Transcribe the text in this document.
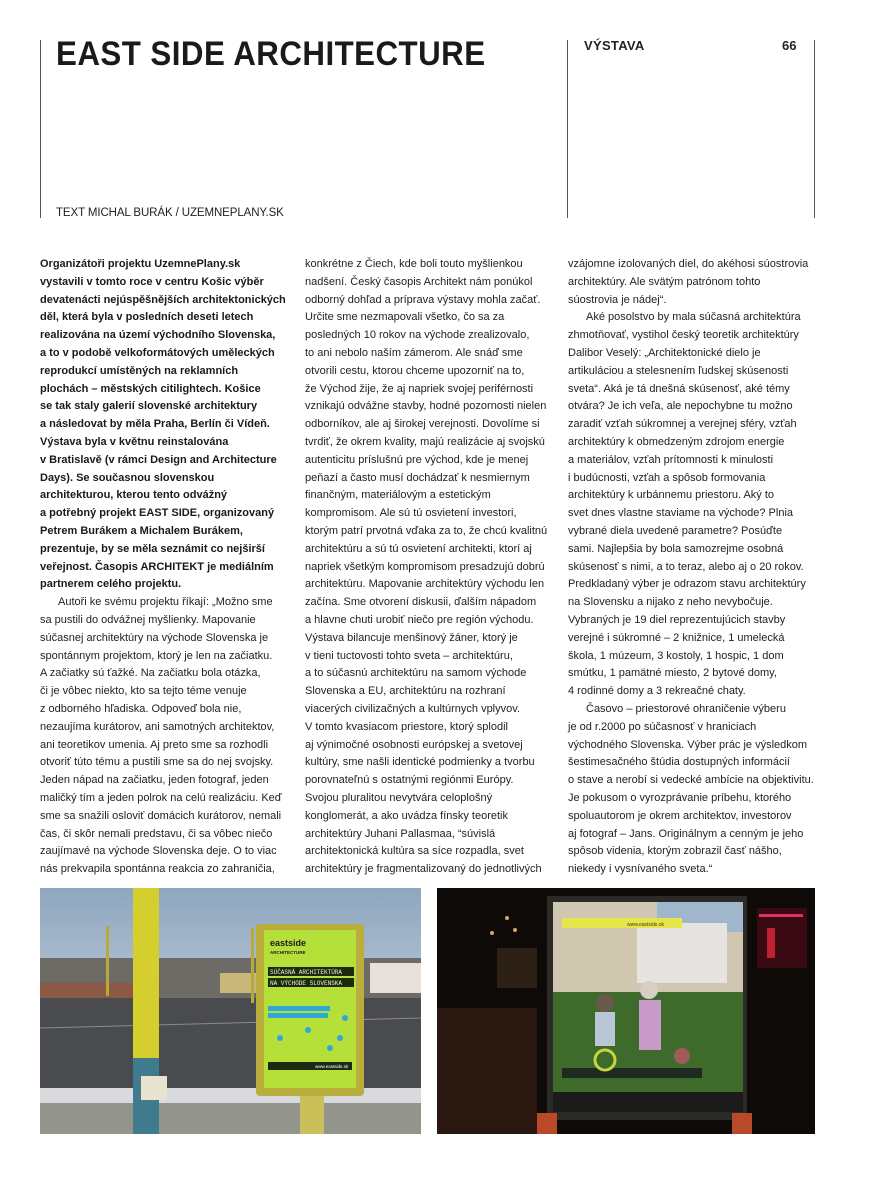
EAST SIDE ARCHITECTURE	VÝSTAVA	66
TEXT MICHAL BURÁK / UZEMNEPLANY.SK

Organizátoři projektu UzemnePlany.sk
vystavili v tomto roce v centru Košic výběr
devatenácti nejúspěšnějších architektonických
děl, která byla v posledních deseti letech
realizována na území východního Slovenska,
a to v podobě velkoformátových uměleckých
reprodukcí umístěných na reklamních
plochách – městských citilightech. Košice
se tak staly galerií slovenské architektury
a následovat by měla Praha, Berlín či Vídeň.
Výstava byla v květnu reinstalována
v Bratislavě (v rámci Design and Architecture
Days). Se současnou slovenskou
architekturou, kterou tento odvážný
a potřebný projekt EAST SIDE, organizovaný
Petrem Burákem a Michalem Burákem,
prezentuje, by se měla seznámit co nejširší
veřejnost. Časopis ARCHITEKT je mediálním
partnerem celého projektu.

Autoři ke svému projektu říkají: „Možno sme
sa pustili do odvážnej myšlienky. Mapovanie
súčasnej architektúry na východe Slovenska je
spontánnym projektom, ktorý je len na začiatku.
A začiatky sú ťažké. Na začiatku bola otázka,
či je vôbec niekto, kto sa tejto téme venuje
z odborného hľadiska. Odpoveď bola nie,
nezaujíma kurátorov, ani samotných architektov,
ani teoretikov umenia. Aj preto sme sa rozhodli
otvoriť túto tému a pustili sme sa do nej svojsky.
Jeden nápad na začiatku, jeden fotograf, jeden
maličký tím a jeden polrok na celú realizáciu. Keď
sme sa snažili osloviť domácich kurátorov, nemali
čas, či skôr nemali predstavu, či sa vôbec niečo
zaujímavé na východe Slovenska deje. O to viac
nás prekvapila spontánna reakcia zo zahraničia,

konkrétne z Čiech, kde boli touto myšlienkou
nadšení. Český časopis Architekt nám ponúkol
odborný dohľad a príprava výstavy mohla začať.
Určite sme nezmapovali všetko, čo sa za
posledných 10 rokov na východe zrealizovalo,
to ani nebolo naším zámerom. Ale snáď sme
otvorili cestu, ktorou chceme upozorniť na to,
že Východ žije, že aj napriek svojej periférnosti
vznikajú odvážne stavby, hodné pozornosti nielen
odborníkov, ale aj širokej verejnosti. Dovolíme si
tvrdiť, že okrem kvality, majú realizácie aj svojskú
autenticitu príslušnú pre východ, kde je menej
peňazí a často musí dochádzať k nesmiernym
finančným, materiálovým a estetickým
kompromisom. Ale sú tú osvietení investori,
ktorým patrí prvotná vďaka za to, že chcú kvalitnú
architektúru a sú tú osvietení architekti, ktorí aj
napriek všetkým kompromisom presadzujú dobrú
architektúru. Mapovanie architektúry východu len
začína. Sme otvorení diskusii, ďalším nápadom
a hlavne chuti urobiť niečo pre región východu.
Výstava bilancuje menšinový žáner, ktorý je
v tieni tuctovosti tohto sveta – architektúru,
a to súčasnú architektúru na samom východe
Slovenska a EU, architektúru na rozhraní
viacerých civilizačných a kultúrnych vplyvov.
V tomto kvasiacom priestore, ktorý splodil
aj výnimočné osobnosti európskej a svetovej
kultúry, sme našli identické podmienky a tvorbu
porovnateľnú s ostatnými regiónmi Európy.
Svojou pluralitou nevytvára celoplošný
konglomerát, a ako uvádza fínsky teoretik
architektúry Juhani Pallasmaa, “súvislá
architektonická kultúra sa síce rozpadla, svet
architektúry je fragmentalizovaný do jednotlivých

vzájomne izolovaných diel, do akéhosi súostrovia
architektúry. Ale svätým patrónom tohto
súostrovia je nádej“.

Aké posolstvo by mala súčasná architektúra
zhmotňovať, vystihol český teoretik architektúry
Dalibor Veselý: „Architektonické dielo je
artikuláciou a stelesnením ľudskej skúsenosti
sveta“. Aká je tá dnešná skúsenosť, aké témy
otvára? Je ich veľa, ale nepochybne tu možno
zaradiť vzťah súkromnej a verejnej sféry, vzťah
architektúry k obmedzeným zdrojom energie
a materiálov, vzťah prítomnosti k minulosti
i budúcnosti, vzťah a spôsob formovania
architektúry k urbánnemu priestoru. Aký to
svet dnes vlastne staviame na východe? Plnia
vybrané diela uvedené parametre? Posúďte
sami. Najlepšia by bola samozrejme osobná
skúsenosť s nimi, a to teraz, alebo aj o 20 rokov.
Predkladaný výber je odrazom stavu architektúry
na Slovensku a nijako z neho nevybočuje.
Vybraných je 19 diel reprezentujúcich stavby
verejné i súkromné – 2 knižnice, 1 umelecká
škola, 1 múzeum, 3 kostoly, 1 hospic, 1 dom
smútku, 1 pamätné miesto, 2 bytové domy,
4 rodinné domy a 3 rekreačné chaty.

Časovo – priestorové ohraničenie výberu
je od r.2000 po súčasnosť v hraniciach
východného Slovenska. Výber prác je výsledkom
šestimesačného štúdia dostupných informácií
o stave a nerobí si vedecké ambície na objektivitu.
Je pokusom o vyrozprávanie príbehu, ktorého
spoluautorom je okrem architektov, investorov
aj fotograf – Jans. Originálnym a cenným je jeho
spôsob videnia, ktorým zobrazil časť nášho,
niekedy i vysnívaného sveta.“

eastside
ARCHITECTURE
SÚČASNÁ ARCHITEKTÚRA
NA VÝCHODE SLOVENSKA
www.eastside.sk
www.eastside.sk
